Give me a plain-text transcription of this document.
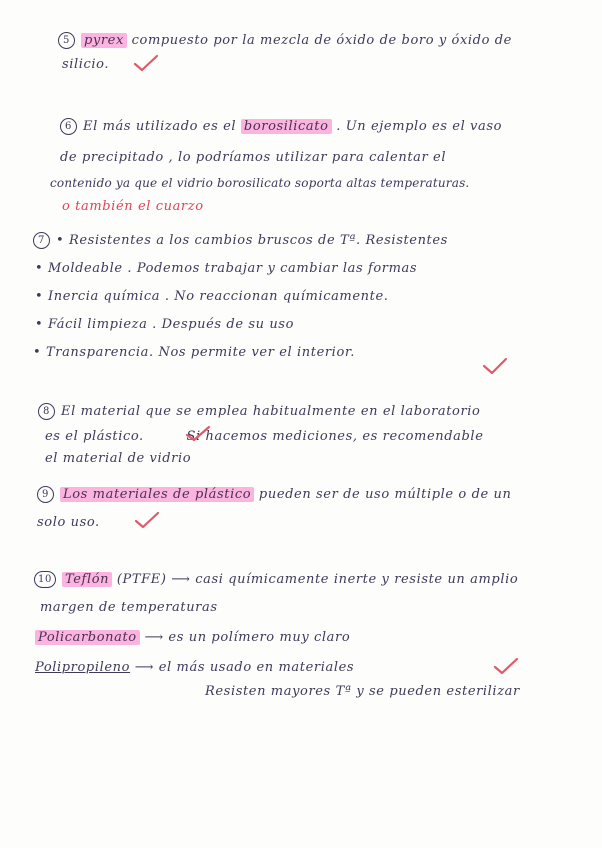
5 pyrex compuesto por la mezcla de óxido de boro y óxido de
silicio.
6 El más utilizado es el borosilicato . Un ejemplo es el vaso
de precipitado , lo podríamos utilizar para calentar el
contenido ya que el vidrio borosilicato soporta altas temperaturas.
o también el cuarzo
7 • Resistentes a los cambios bruscos de Tª. Resistentes
• Moldeable . Podemos trabajar y cambiar las formas
• Inercia química . No reaccionan químicamente.
• Fácil limpieza . Después de su uso
• Transparencia. Nos permite ver el interior.
8 El material que se emplea habitualmente en el laboratorio
es el plástico.	Si hacemos mediciones, es recomendable
el material de vidrio
9 Los materiales de plástico pueden ser de uso múltiple o de un
solo uso.
10 Teflón (PTFE) ⟶ casi químicamente inerte y resiste un amplio
margen de temperaturas
Policarbonato ⟶ es un polímero muy claro
Polipropileno ⟶ el más usado en materiales
Resisten mayores Tª y se pueden esterilizar
